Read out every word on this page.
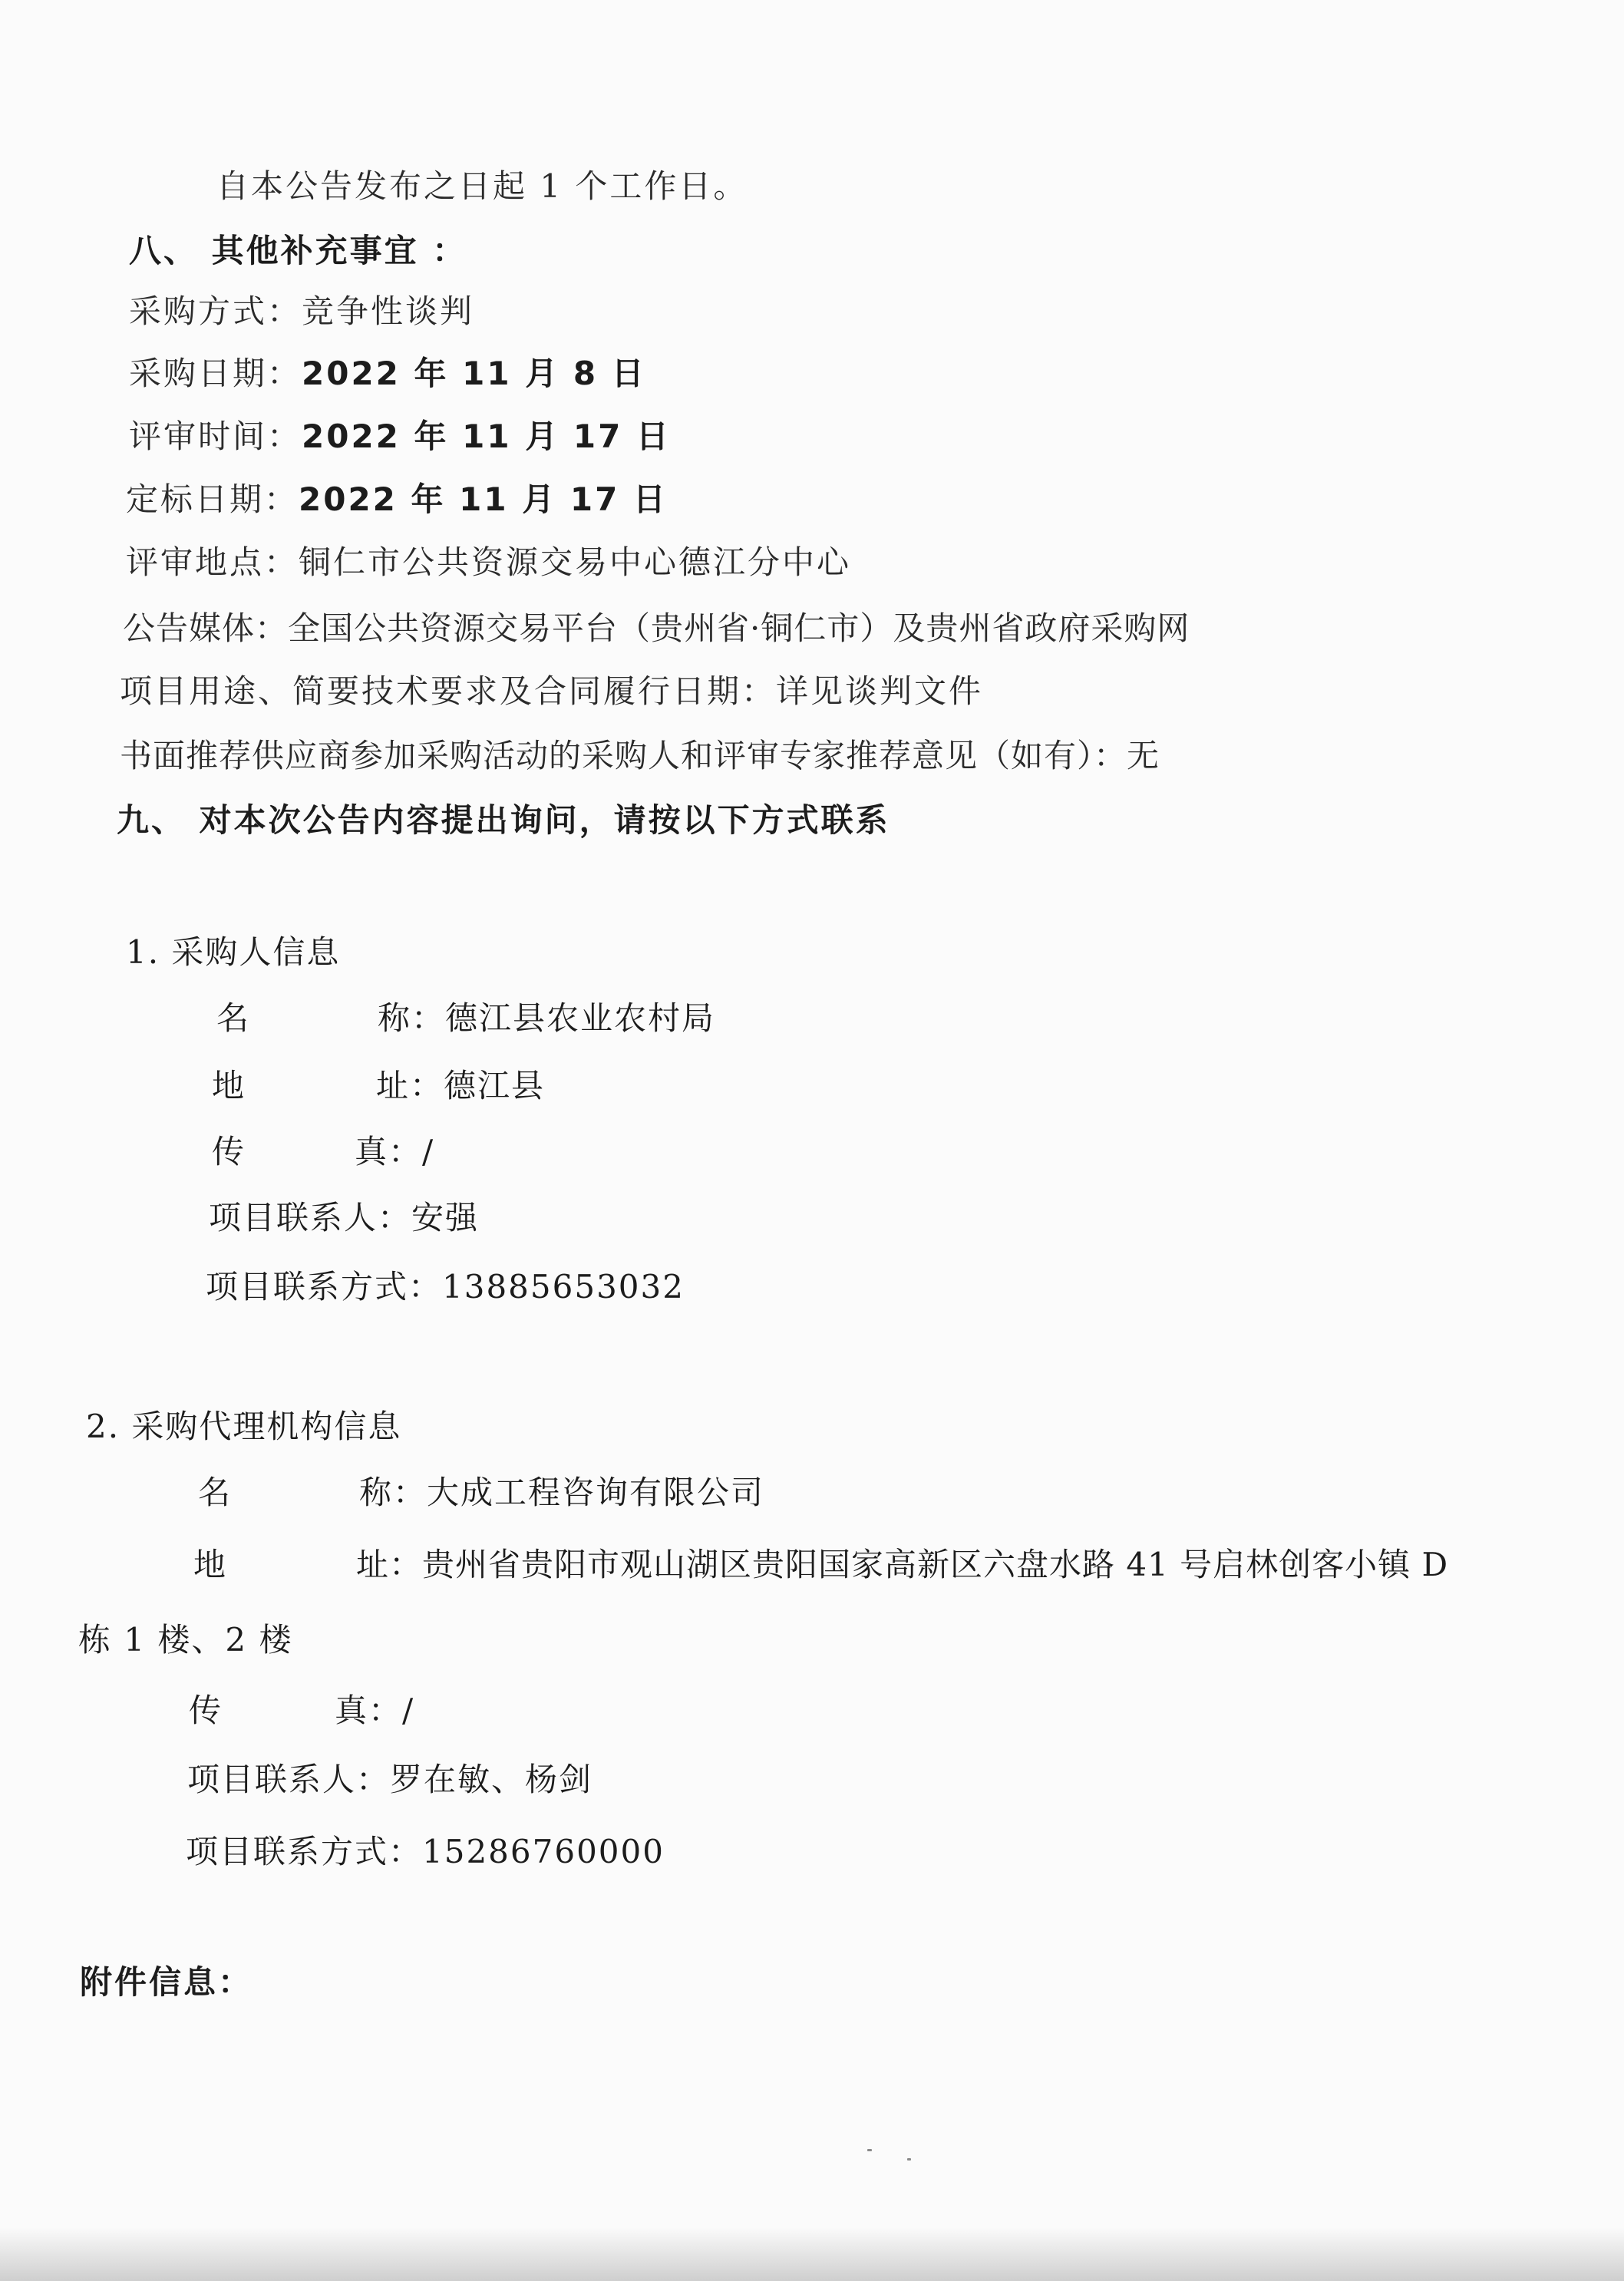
自本公告发布之日起 1 个工作日。
八、 其他补充事宜 ：
采购方式：竞争性谈判
采购日期：2022 年 11 月 8 日
评审时间：2022 年 11 月 17 日
定标日期：2022 年 11 月 17 日
评审地点：铜仁市公共资源交易中心德江分中心
公告媒体：全国公共资源交易平台（贵州省·铜仁市）及贵州省政府采购网
项目用途、简要技术要求及合同履行日期：详见谈判文件
书面推荐供应商参加采购活动的采购人和评审专家推荐意见（如有）：无
九、 对本次公告内容提出询问，请按以下方式联系
1. 采购人信息
名	称：德江县农业农村局
地	址：德江县
传	真：/
项目联系人：安强
项目联系方式：13885653032
2. 采购代理机构信息
名	称：大成工程咨询有限公司
地	址：贵州省贵阳市观山湖区贵阳国家高新区六盘水路 41 号启林创客小镇 D
栋 1 楼、2 楼
传	真：/
项目联系人：罗在敏、杨剑
项目联系方式：15286760000
附件信息：
